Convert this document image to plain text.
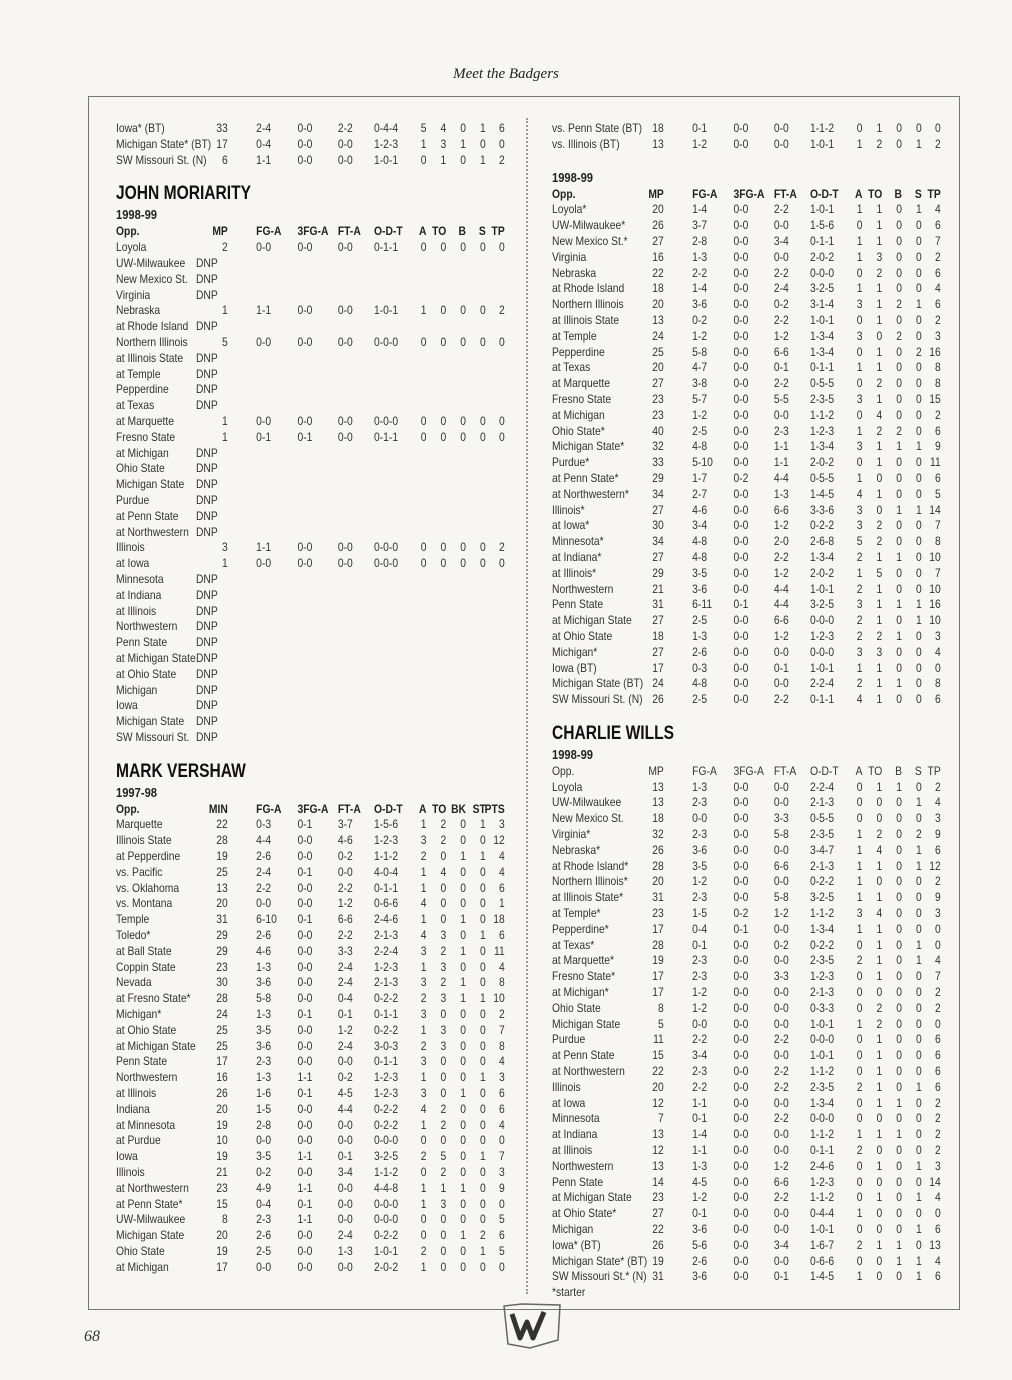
Meet the Badgers
Iowa* (BT)	33 2-4 0-0 2-2 0-4-4	5	4	0	1	6
Michigan State* (BT) 17 0-4 0-0 0-0 1-2-3	1	3	1	0	0
SW Missouri St. (N)	6 1-1 0-0 0-0 1-0-1	0	1	0	1	2
JOHN MORIARITY
1998-99
Opp.	MP FG-A 3FG-A FT-A O-D-T	A TO	B	S TP
Loyola	2 0-0 0-0 0-0 0-1-1	0	0	0	0	0
UW-Milwaukee DNP
New Mexico St. DNP
Virginia	DNP
Nebraska	1 1-1 0-0 0-0 1-0-1	1	0	0	0	2
at Rhode Island DNP
Northern Illinois	5 0-0 0-0 0-0 0-0-0	0	0	0	0	0
at Illinois State DNP
at Temple	DNP
Pepperdine DNP
at Texas	DNP
at Marquette	1 0-0 0-0 0-0 0-0-0	0	0	0	0	0
Fresno State	1 0-1 0-1 0-0 0-1-1	0	0	0	0	0
at Michigan DNP
Ohio State	DNP
Michigan State DNP
Purdue	DNP
at Penn State DNP
at Northwestern DNP
Illinois	3 1-1 0-0 0-0 0-0-0	0	0	0	0	2
at Iowa	1 0-0 0-0 0-0 0-0-0	0	0	0	0	0
Minnesota	DNP
at Indiana	DNP
at Illinois	DNP
Northwestern DNP
Penn State DNP
at Michigan State DNP
at Ohio State DNP
Michigan	DNP
Iowa	DNP
Michigan State DNP
SW Missouri St. DNP
MARK VERSHAW
1997-98
Opp.	MIN FG-A 3FG-A FT-A O-D-T	A TO BK ST
PTS
Marquette	22 0-3 0-1 3-7 1-5-6	1	2	0	1	3
Illinois State	28 4-4 0-0 4-6 1-2-3	3	2	0	0 12
at Pepperdine	19 2-6 0-0 0-2 1-1-2	2	0	1	1	4
vs. Pacific	25 2-4 0-1 0-0 4-0-4	1	4	0	0	4
vs. Oklahoma	13 2-2 0-0 2-2 0-1-1	1	0	0	0	6
vs. Montana	20 0-0 0-0 1-2 0-6-6	4	0	0	0	1
Temple	31 6-10 0-1 6-6 2-4-6	1	0	1	0 18
Toledo*	29 2-6 0-0 2-2 2-1-3	4	3	0	1	6
at Ball State	29 4-6 0-0 3-3 2-2-4	3	2	1	0 11
Coppin State	23 1-3 0-0 2-4 1-2-3	1	3	0	0	4
Nevada	30 3-6 0-0 2-4 2-1-3	3	2	1	0	8
at Fresno State*	28 5-8 0-0 0-4 0-2-2	2	3	1	1 10
Michigan*	24 1-3 0-1 0-1 0-1-1	3	0	0	0	2
at Ohio State	25 3-5 0-0 1-2 0-2-2	1	3	0	0	7
at Michigan State	25 3-6 0-0 2-4 3-0-3	2	3	0	0	8
Penn State	17 2-3 0-0 0-0 0-1-1	3	0	0	0	4
Northwestern	16 1-3 1-1 0-2 1-2-3	1	0	0	1	3
at Illinois	26 1-6 0-1 4-5 1-2-3	3	0	1	0	6
Indiana	20 1-5 0-0 4-4 0-2-2	4	2	0	0	6
at Minnesota	19 2-8 0-0 0-0 0-2-2	1	2	0	0	4
at Purdue	10 0-0 0-0 0-0 0-0-0	0	0	0	0	0
Iowa	19 3-5 1-1 0-1 3-2-5	2	5	0	1	7
Illinois	21 0-2 0-0 3-4 1-1-2	0	2	0	0	3
at Northwestern	23 4-9 1-1 0-0 4-4-8	1	1	1	0	9
at Penn State*	15 0-4 0-1 0-0 0-0-0	1	3	0	0	0
UW-Milwaukee	8 2-3 1-1 0-0 0-0-0	0	0	0	0	5
Michigan State	20 2-6 0-0 2-4 0-2-2	0	0	1	2	6
Ohio State	19 2-5 0-0 1-3 1-0-1	2	0	0	1	5
at Michigan	17 0-0 0-0 0-0 2-0-2	1	0	0	0	0
vs. Penn State (BT) 18 0-1 0-0 0-0 1-1-2	0	1	0	0	0
vs. Illinois (BT)	13 1-2 0-0 0-0 1-0-1	1	2	0	1	2
1998-99
Opp.	MP FG-A 3FG-A FT-A O-D-T	A TO	B	S TP
Loyola*	20 1-4 0-0 2-2 1-0-1	1	1	0	1	4
UW-Milwaukee*	26 3-7 0-0 0-0 1-5-6	0	1	0	0	6
New Mexico St.*	27 2-8 0-0 3-4 0-1-1	1	1	0	0	7
Virginia	16 1-3 0-0 0-0 2-0-2	1	3	0	0	2
Nebraska	22 2-2 0-0 2-2 0-0-0	0	2	0	0	6
at Rhode Island	18 1-4 0-0 2-4 3-2-5	1	1	0	0	4
Northern Illinois	20 3-6 0-0 0-2 3-1-4	3	1	2	1	6
at Illinois State	13 0-2 0-0 2-2 1-0-1	0	1	0	0	2
at Temple	24 1-2 0-0 1-2 1-3-4	3	0	2	0	3
Pepperdine	25 5-8 0-0 6-6 1-3-4	0	1	0	2 16
at Texas	20 4-7 0-0 0-1 0-1-1	1	1	0	0	8
at Marquette	27 3-8 0-0 2-2 0-5-5	0	2	0	0	8
Fresno State	23 5-7 0-0 5-5 2-3-5	3	1	0	0 15
at Michigan	23 1-2 0-0 0-0 1-1-2	0	4	0	0	2
Ohio State*	40 2-5 0-0 2-3 1-2-3	1	2	2	0	6
Michigan State*	32 4-8 0-0 1-1 1-3-4	3	1	1	1	9
Purdue*	33 5-10 0-0 1-1 2-0-2	0	1	0	0 11
at Penn State*	29 1-7 0-2 4-4 0-5-5	1	0	0	0	6
at Northwestern*	34 2-7 0-0 1-3 1-4-5	4	1	0	0	5
Illinois*	27 4-6 0-0 6-6 3-3-6	3	0	1	1 14
at Iowa*	30 3-4 0-0 1-2 0-2-2	3	2	0	0	7
Minnesota*	34 4-8 0-0 2-0 2-6-8	5	2	0	0	8
at Indiana*	27 4-8 0-0 2-2 1-3-4	2	1	1	0 10
at Illinois*	29 3-5 0-0 1-2 2-0-2	1	5	0	0	7
Northwestern	21 3-6 0-0 4-4 1-0-1	2	1	0	0 10
Penn State	31 6-11 0-1 4-4 3-2-5	3	1	1	1 16
at Michigan State	27 2-5 0-0 6-6 0-0-0	2	1	0	1 10
at Ohio State	18 1-3 0-0 1-2 1-2-3	2	2	1	0	3
Michigan*	27 2-6 0-0 0-0 0-0-0	3	3	0	0	4
Iowa (BT)	17 0-3 0-0 0-1 1-0-1	1	1	0	0	0
Michigan State (BT) 24 4-8 0-0 0-0 2-2-4	2	1	1	0	8
SW Missouri St. (N) 26 2-5 0-0 2-2 0-1-1	4	1	0	0	6
CHARLIE WILLS
1998-99
Opp.	MP FG-A 3FG-A FT-A O-D-T	A TO	B	S TP
Loyola	13 1-3 0-0 0-0 2-2-4	0	1	1	0	2
UW-Milwaukee	13 2-3 0-0 0-0 2-1-3	0	0	0	1	4
New Mexico St.	18 0-0 0-0 3-3 0-5-5	0	0	0	0	3
Virginia*	32 2-3 0-0 5-8 2-3-5	1	2	0	2	9
Nebraska*	26 3-6 0-0 0-0 3-4-7	1	4	0	1	6
at Rhode Island*	28 3-5 0-0 6-6 2-1-3	1	1	0	1 12
Northern Illinois*	20 1-2 0-0 0-0 0-2-2	1	0	0	0	2
at Illinois State*	31 2-3 0-0 5-8 3-2-5	1	1	0	0	9
at Temple*	23 1-5 0-2 1-2 1-1-2	3	4	0	0	3
Pepperdine*	17 0-4 0-1 0-0 1-3-4	1	1	0	0	0
at Texas*	28 0-1 0-0 0-2 0-2-2	0	1	0	1	0
at Marquette*	19 2-3 0-0 0-0 2-3-5	2	1	0	1	4
Fresno State*	17 2-3 0-0 3-3 1-2-3	0	1	0	0	7
at Michigan*	17 1-2 0-0 0-0 2-1-3	0	0	0	0	2
Ohio State	8 1-2 0-0 0-0 0-3-3	0	2	0	0	2
Michigan State	5 0-0 0-0 0-0 1-0-1	1	2	0	0	0
Purdue	11 2-2 0-0 2-2 0-0-0	0	1	0	0	6
at Penn State	15 3-4 0-0 0-0 1-0-1	0	1	0	0	6
at Northwestern	22 2-3 0-0 2-2 1-1-2	0	1	0	0	6
Illinois	20 2-2 0-0 2-2 2-3-5	2	1	0	1	6
at Iowa	12 1-1 0-0 0-0 1-3-4	0	1	1	0	2
Minnesota	7 0-1 0-0 2-2 0-0-0	0	0	0	0	2
at Indiana	13 1-4 0-0 0-0 1-1-2	1	1	1	0	2
at Illinois	12 1-1 0-0 0-0 0-1-1	2	0	0	0	2
Northwestern	13 1-3 0-0 1-2 2-4-6	0	1	0	1	3
Penn State	14 4-5 0-0 6-6 1-2-3	0	0	0	0 14
at Michigan State	23 1-2 0-0 2-2 1-1-2	0	1	0	1	4
at Ohio State*	27 0-1 0-0 0-0 0-4-4	1	0	0	0	0
Michigan	22 3-6 0-0 0-0 1-0-1	0	0	0	1	6
Iowa* (BT)	26 5-6 0-0 3-4 1-6-7	2	1	1	0 13
Michigan State* (BT) 19 2-6 0-0 0-0 0-6-6	0	0	1	1	4
SW Missouri St.* (N) 31 3-6 0-0 0-1 1-4-5	1	0	0	1	6
*starter
68
